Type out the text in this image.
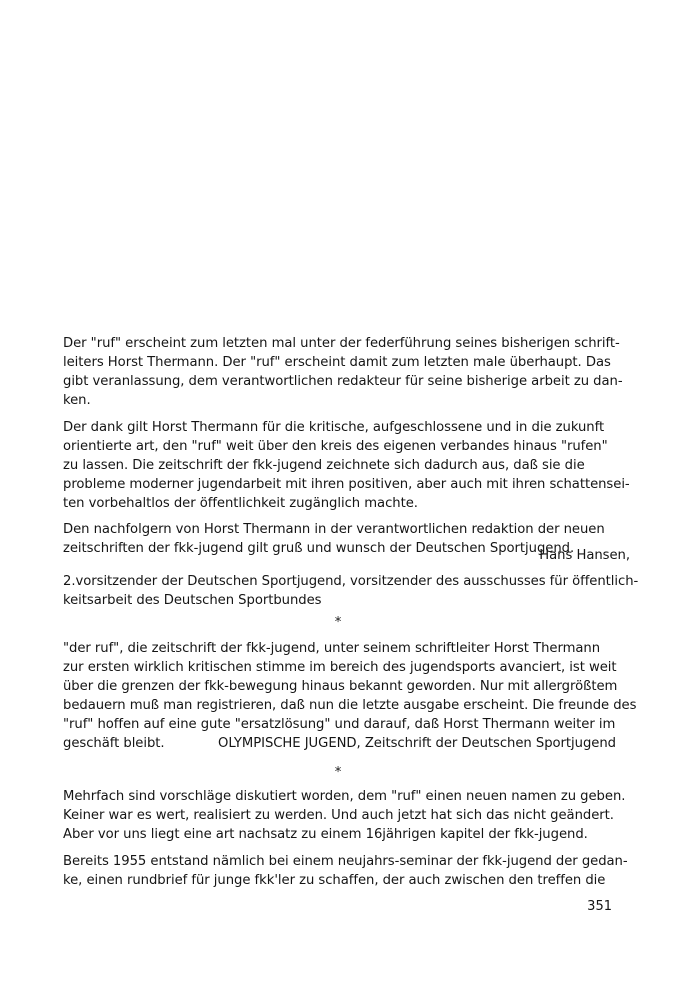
Der "ruf" erscheint zum letzten mal unter der federführung seines bisherigen schrift-

leiters Horst Thermann. Der "ruf" erscheint damit zum letzten male überhaupt. Das

gibt veranlassung, dem verantwortlichen redakteur für seine bisherige arbeit zu dan-

ken.

Der dank gilt Horst Thermann für die kritische, aufgeschlossene und in die zukunft

orientierte art, den "ruf" weit über den kreis des eigenen verbandes hinaus "rufen"

zu lassen. Die zeitschrift der fkk-jugend zeichnete sich dadurch aus, daß sie die

probleme moderner jugendarbeit mit ihren positiven, aber auch mit ihren schattensei-

ten vorbehaltlos der öffentlichkeit zugänglich machte.

Den nachfolgern von Horst Thermann in der verantwortlichen redaktion der neuen

zeitschriften der fkk-jugend gilt gruß und wunsch der Deutschen Sportjugend.

Hans Hansen,

2.vorsitzender der Deutschen Sportjugend, vorsitzender des ausschusses für öffentlich-

keitsarbeit des Deutschen Sportbundes

*

"der ruf", die zeitschrift der fkk-jugend, unter seinem schriftleiter Horst Thermann

zur ersten wirklich kritischen stimme im bereich des jugendsports avanciert, ist weit

über die grenzen der fkk-bewegung hinaus bekannt geworden. Nur mit allergrößtem

bedauern muß man registrieren, daß nun die letzte ausgabe erscheint. Die freunde des

"ruf" hoffen auf eine gute "ersatzlösung" und darauf, daß Horst Thermann weiter im

geschäft bleibt.	OLYMPISCHE JUGEND, Zeitschrift der Deutschen Sportjugend

*

Mehrfach sind vorschläge diskutiert worden, dem "ruf" einen neuen namen zu geben.

Keiner war es wert, realisiert zu werden. Und auch jetzt hat sich das nicht geändert.

Aber vor uns liegt eine art nachsatz zu einem 16jährigen kapitel der fkk-jugend.

Bereits 1955 entstand nämlich bei einem neujahrs-seminar der fkk-jugend der gedan-

ke, einen rundbrief für junge fkk'ler zu schaffen, der auch zwischen den treffen die

351
